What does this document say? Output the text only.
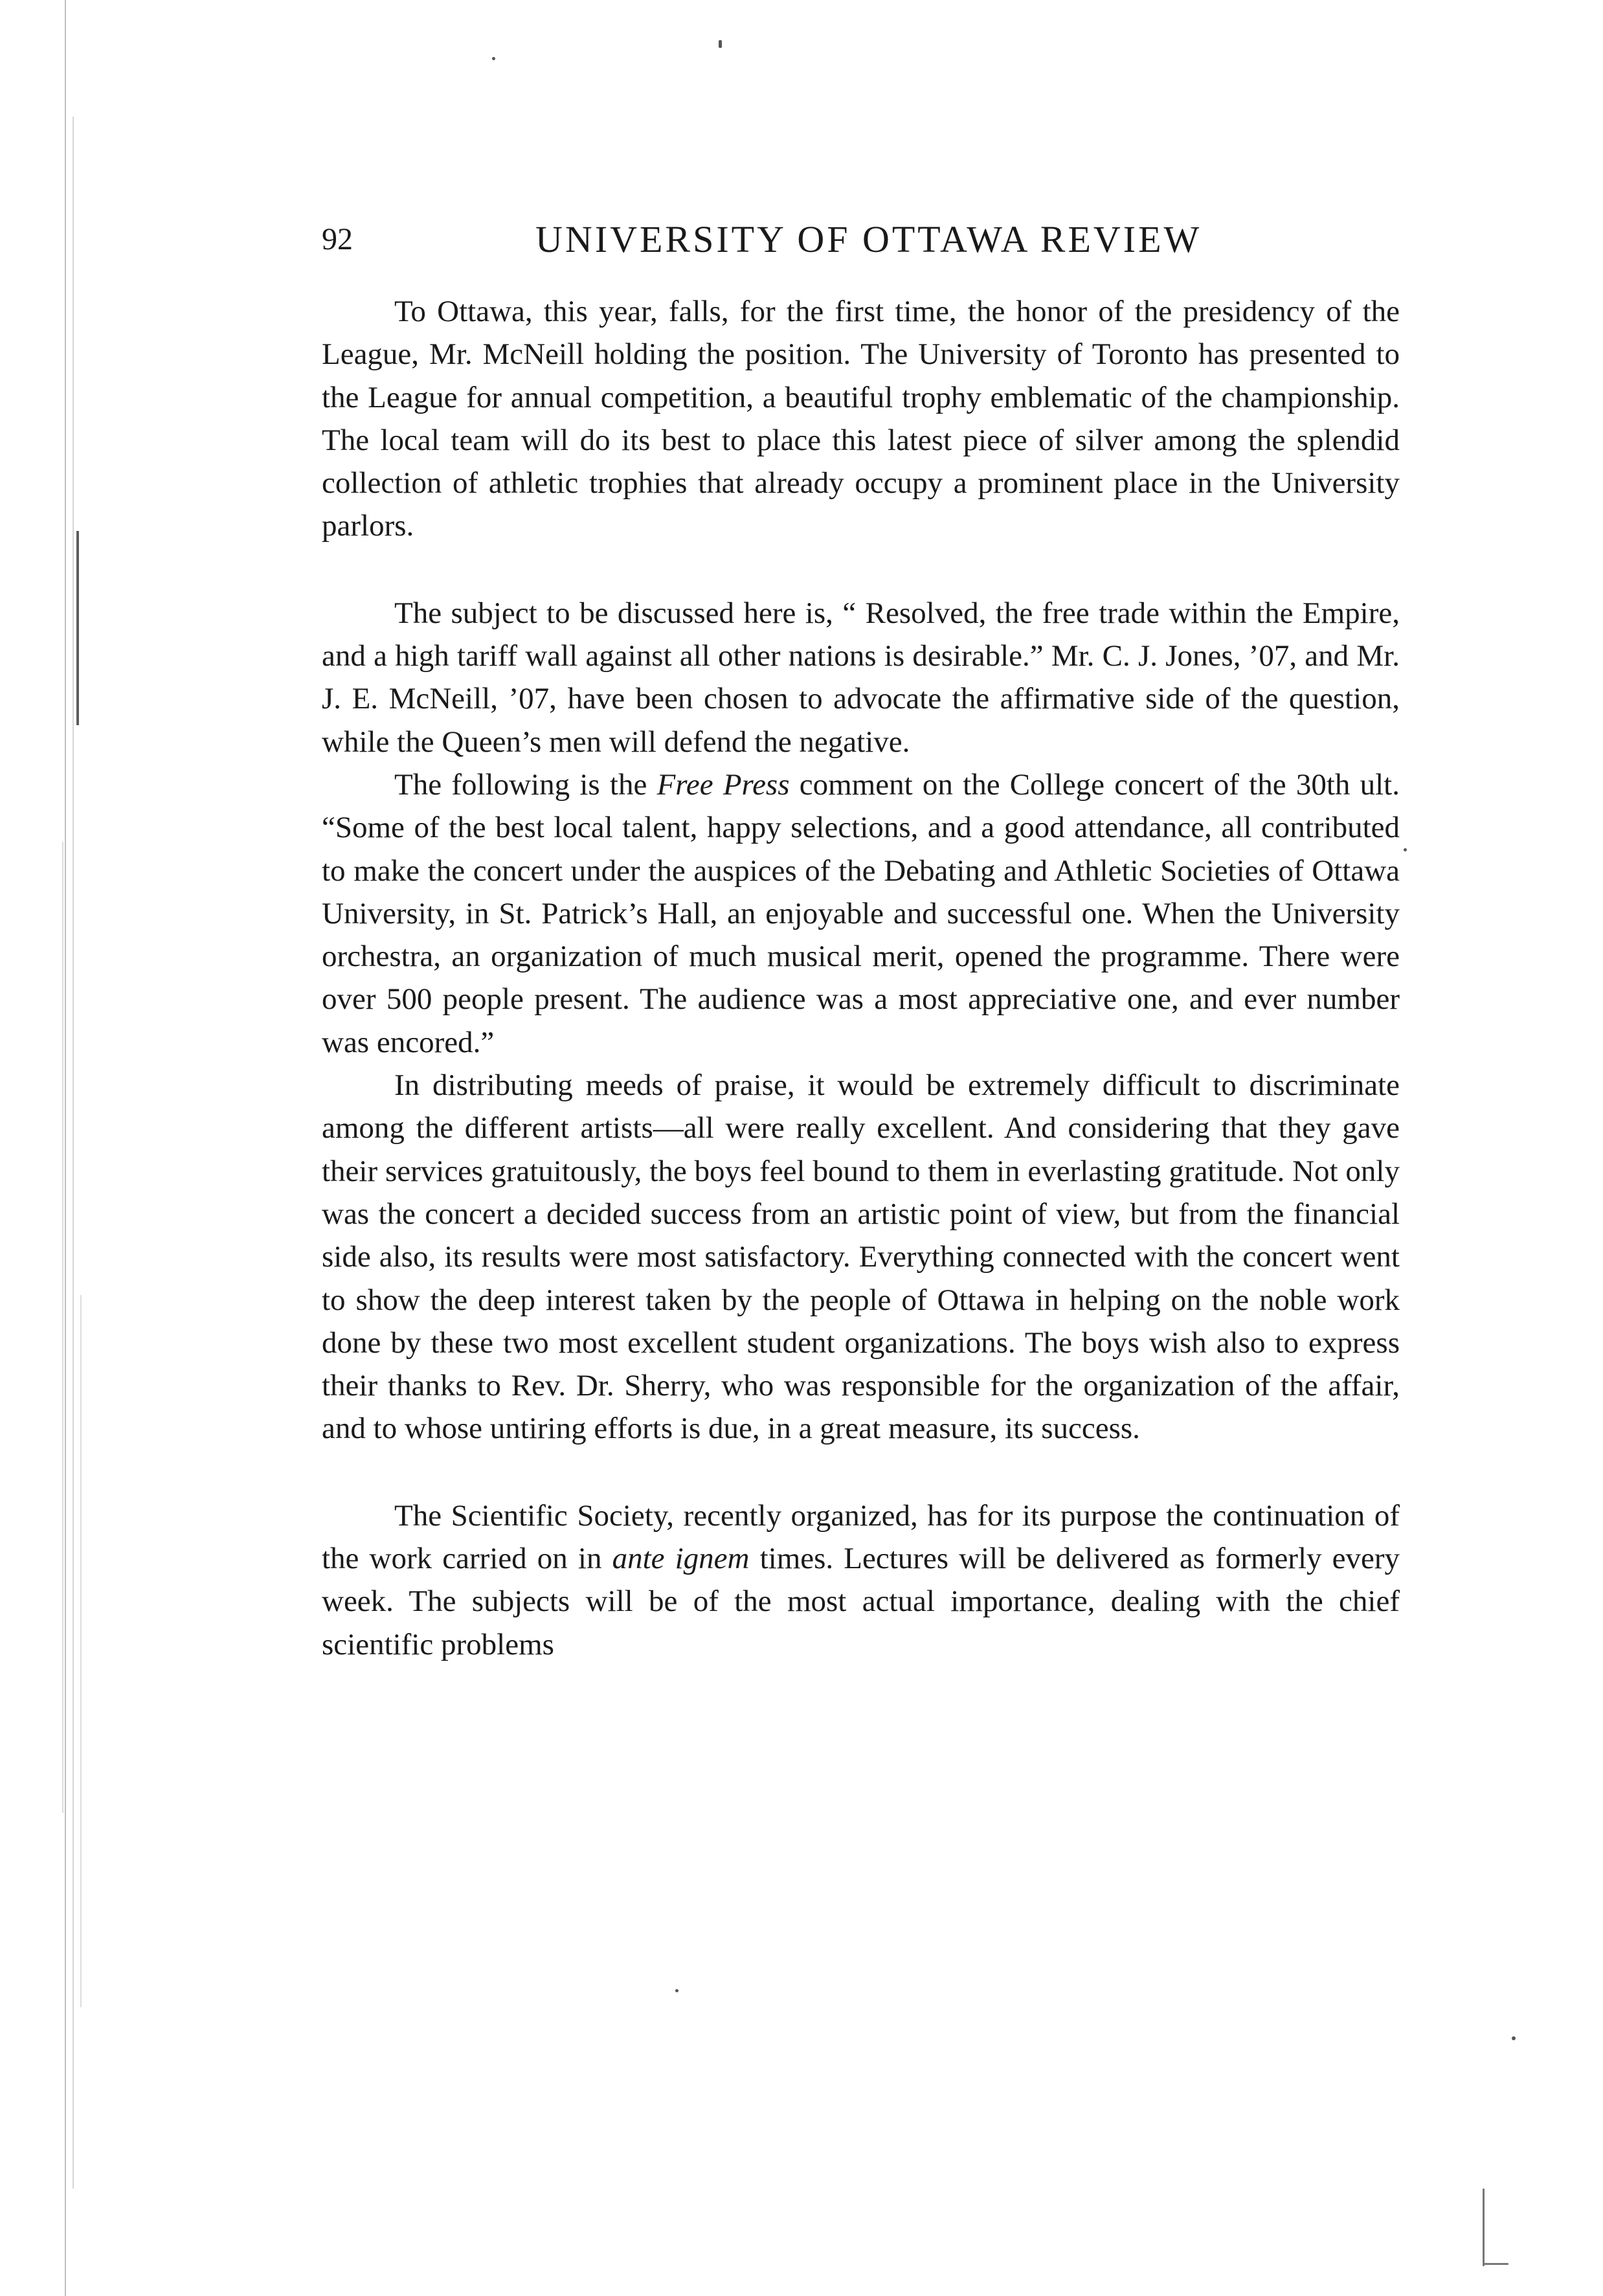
92	UNIVERSITY OF OTTAWA REVIEW

To Ottawa, this year, falls, for the first time, the honor of the presidency of the League, Mr. McNeill holding the position. The University of Toronto has presented to the League for annual competition, a beautiful trophy emblematic of the championship. The local team will do its best to place this latest piece of silver among the splendid collection of athletic trophies that already occupy a prominent place in the University parlors.

The subject to be discussed here is, “ Resolved, the free trade within the Empire, and a high tariff wall against all other nations is desirable.” Mr. C. J. Jones, ’07, and Mr. J. E. McNeill, ’07, have been chosen to advocate the affirmative side of the question, while the Queen’s men will defend the negative.

The following is the Free Press comment on the College concert of the 30th ult. “Some of the best local talent, happy selections, and a good attendance, all contributed to make the concert under the auspices of the Debating and Athletic Societies of Ottawa University, in St. Patrick’s Hall, an enjoyable and successful one. When the University orchestra, an organization of much musical merit, opened the programme. There were over 500 people present. The audience was a most appreciative one, and ever number was encored.”

In distributing meeds of praise, it would be extremely difficult to discriminate among the different artists—all were really excellent. And considering that they gave their services gratuitously, the boys feel bound to them in everlasting gratitude. Not only was the concert a decided success from an artistic point of view, but from the financial side also, its results were most satisfactory. Everything connected with the concert went to show the deep interest taken by the people of Ottawa in helping on the noble work done by these two most excellent student organizations. The boys wish also to express their thanks to Rev. Dr. Sherry, who was responsible for the organization of the affair, and to whose untiring efforts is due, in a great measure, its success.

The Scientific Society, recently organized, has for its purpose the continuation of the work carried on in ante ignem times. Lectures will be delivered as formerly every week. The subjects will be of the most actual importance, dealing with the chief scientific problems
